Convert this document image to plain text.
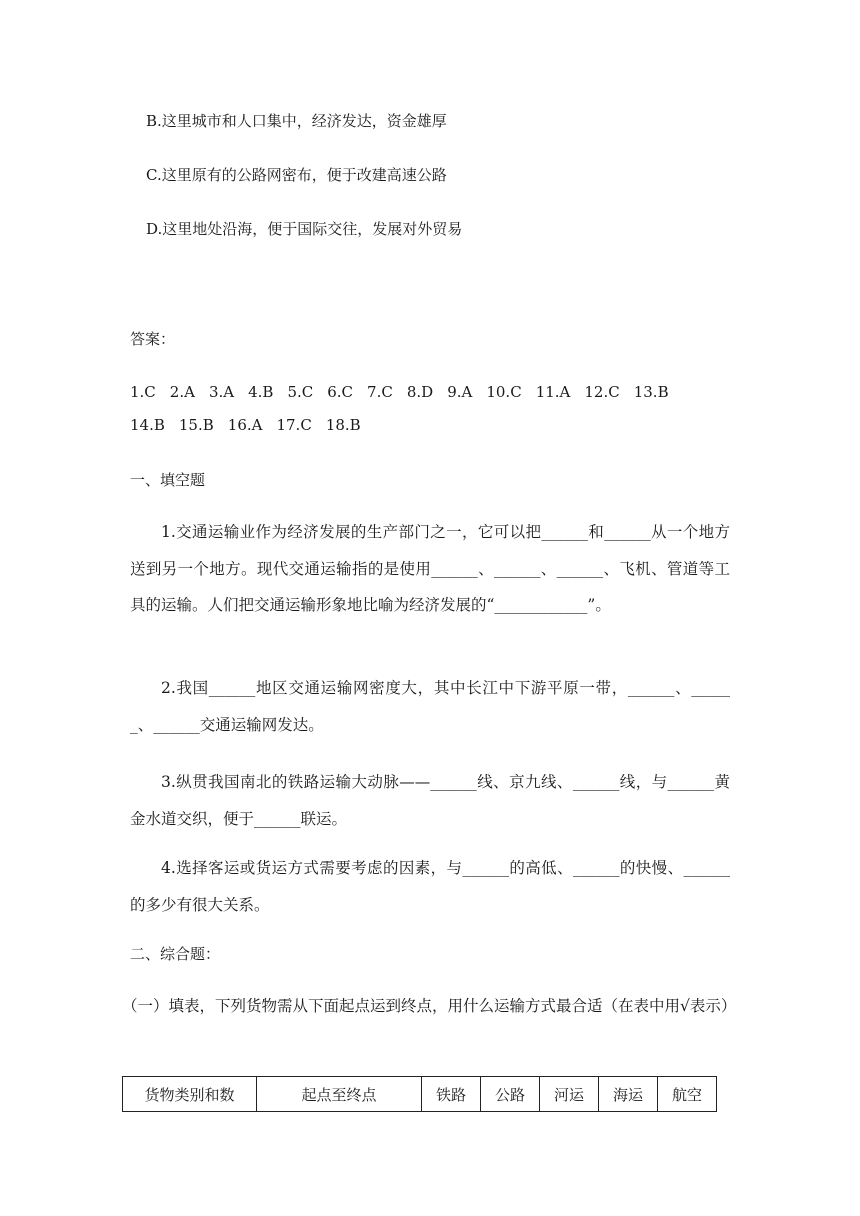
B.这里城市和人口集中，经济发达，资金雄厚
C.这里原有的公路网密布，便于改建高速公路
D.这里地处沿海，便于国际交往，发展对外贸易
答案：
1.C 2.A 3.A 4.B 5.C 6.C 7.C 8.D 9.A 10.C 11.A 12.C 13.B
14.B 15.B 16.A 17.C 18.B
一、填空题
1.交通运输业作为经济发展的生产部门之一，它可以把______和______从一个地方送到另一个地方。现代交通运输指的是使用______、______、______、飞机、管道等工具的运输。人们把交通运输形象地比喻为经济发展的“____________”。
2.我国______地区交通运输网密度大，其中长江中下游平原一带，______、______、______交通运输网发达。
3.纵贯我国南北的铁路运输大动脉——______线、京九线、______线，与______黄金水道交织，便于______联运。
4.选择客运或货运方式需要考虑的因素，与______的高低、______的快慢、______的多少有很大关系。
二、综合题：
（一）填表，下列货物需从下面起点运到终点，用什么运输方式最合适（在表中用√表示）
货物类别和数	起点至终点	铁路	公路	河运	海运	航空
